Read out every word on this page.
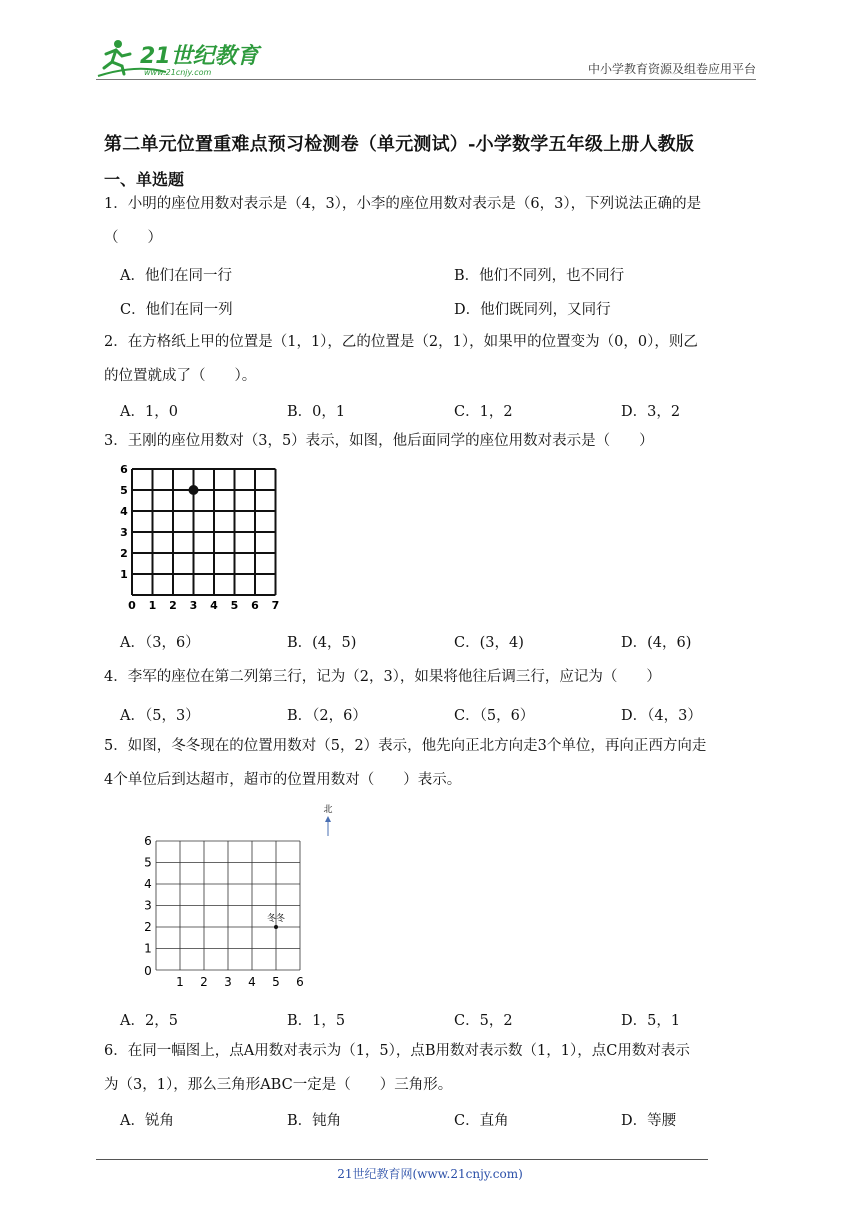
21世纪教育
www.21cnjy.com	中小学教育资源及组卷应用平台
第二单元位置重难点预习检测卷（单元测试）-小学数学五年级上册人教版
一、单选题
1．小明的座位用数对表示是（4，3），小李的座位用数对表示是（6，3），下列说法正确的是
（　　）
A．他们在同一行	B．他们不同列，也不同行
C．他们在同一列	D．他们既同列，又同行
2．在方格纸上甲的位置是（1，1），乙的位置是（2，1），如果甲的位置变为（0，0），则乙
的位置就成了（　　）。
A．1，0	B．0，1	C．1，2	D．3，2
3．王刚的座位用数对（3，5）表示，如图，他后面同学的座位用数对表示是（　　）
0 1 2 3 4 5 6 7
1
2
3
4
5
6
A．（3，6）	B．(4，5)	C．(3，4)	D．(4，6)
4．李军的座位在第二列第三行，记为（2，3），如果将他往后调三行，应记为（　　）
A．（5，3）	B．（2，6）	C．（5，6）	D．（4，3）
5．如图，冬冬现在的位置用数对（5，2）表示，他先向正北方向走3个单位，再向正西方向走
4个单位后到达超市，超市的位置用数对（　　）表示。
0
1 2 3 4 5 6
1
2
3
4
5
6
北
冬冬
A．2，5	B．1，5	C．5，2	D．5，1
6．在同一幅图上，点A用数对表示为（1，5），点B用数对表示数（1，1），点C用数对表示
为（3，1），那么三角形ABC一定是（　　）三角形。
A．锐角	B．钝角	C．直角	D．等腰
21世纪教育网(www.21cnjy.com)
